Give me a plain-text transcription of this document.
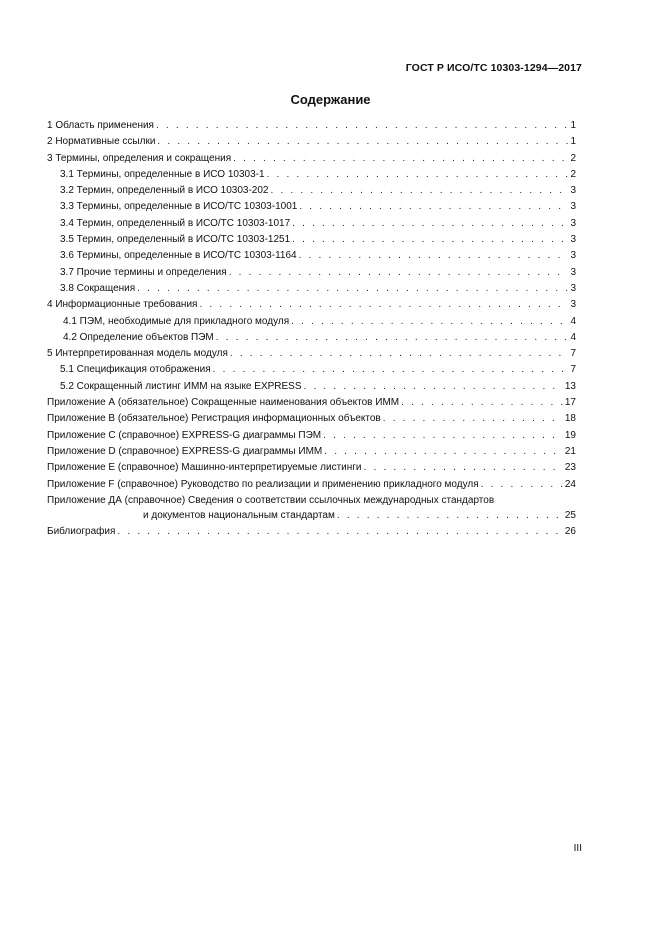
ГОСТ Р ИСО/ТС 10303-1294—2017
Содержание
1 Область применения . . .	1
2 Нормативные ссылки . . .	1
3 Термины, определения и сокращения . . .	2
3.1 Термины, определенные в ИСО 10303-1 . . .	2
3.2 Термин, определенный в ИСО 10303-202 . . .	3
3.3 Термины, определенные в ИСО/ТС 10303-1001 . . .	3
3.4 Термин, определенный в ИСО/ТС 10303-1017 . . .	3
3.5 Термин, определенный в ИСО/ТС 10303-1251 . . .	3
3.6 Термины, определенные в ИСО/ТС 10303-1164 . . .	3
3.7 Прочие термины и определения . . .	3
3.8 Сокращения . . .	3
4 Информационные требования . . .	3
4.1 ПЭМ, необходимые для прикладного модуля . . .	4
4.2 Определение объектов ПЭМ . . .	4
5 Интерпретированная модель модуля . . .	7
5.1 Спецификация отображения . . .	7
5.2 Сокращенный листинг ИММ на языке EXPRESS . . .	13
Приложение А (обязательное) Сокращенные наименования объектов ИММ . . .	17
Приложение В (обязательное) Регистрация информационных объектов . . .	18
Приложение С (справочное) EXPRESS-G диаграммы ПЭМ . . .	19
Приложение D (справочное) EXPRESS-G диаграммы ИММ . . .	21
Приложение Е (справочное) Машинно-интерпретируемые листинги . . .	23
Приложение F (справочное) Руководство по реализации и применению прикладного модуля . . .	24
Приложение ДА (справочное) Сведения о соответствии ссылочных международных стандартов
и документов национальным стандартам . . .	25
Библиография . . .	26
III
